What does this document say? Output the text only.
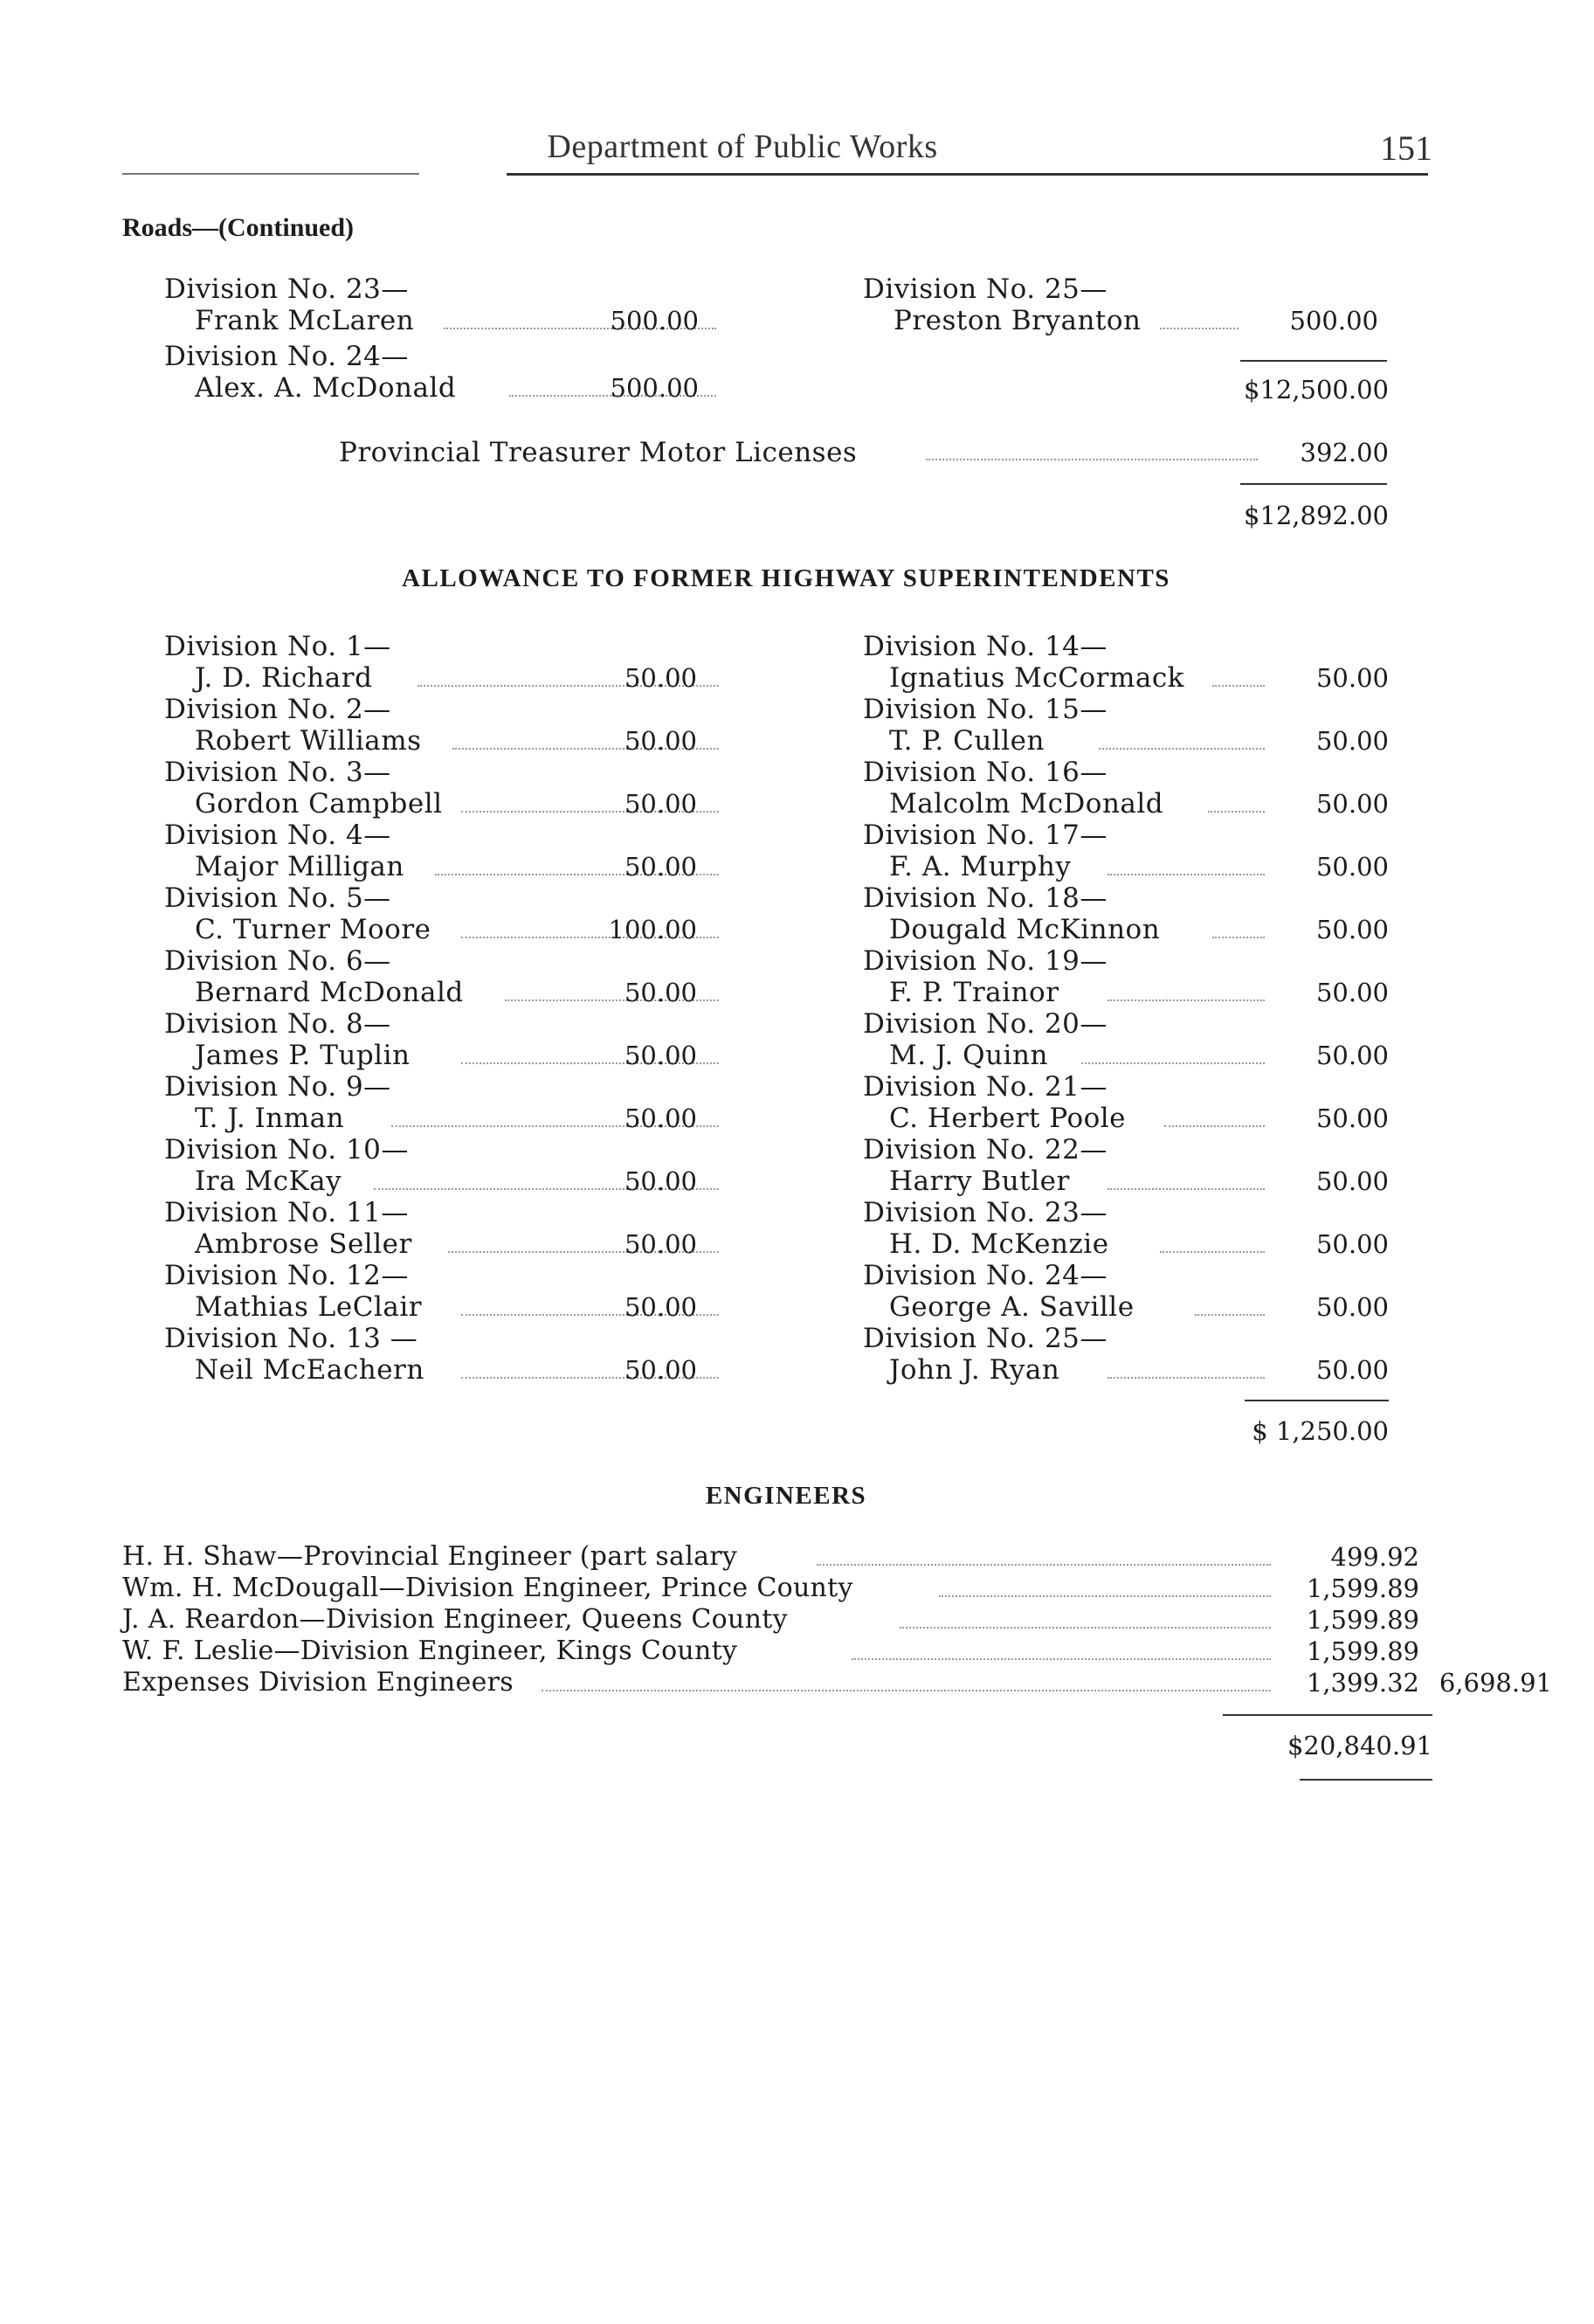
Department of Public Works	151
Roads—(Continued)
Division No. 23—
Frank McLaren	500.00
Division No. 24—
Alex. A. McDonald	500.00
Division No. 25—
Preston Bryanton	500.00
$12,500.00
Provincial Treasurer Motor Licenses	392.00
$12,892.00
ALLOWANCE TO FORMER HIGHWAY SUPERINTENDENTS
Division No. 1—
J. D. Richard	50.00
Division No. 2—
Robert Williams	50.00
Division No. 3—
Gordon Campbell	50.00
Division No. 4—
Major Milligan	50.00
Division No. 5—
C. Turner Moore	100.00
Division No. 6—
Bernard McDonald	50.00
Division No. 8—
James P. Tuplin	50.00
Division No. 9—
T. J. Inman	50.00
Division No. 10—
Ira McKay	50.00
Division No. 11—
Ambrose Seller	50.00
Division No. 12—
Mathias LeClair	50.00
Division No. 13 —
Neil McEachern	50.00
Division No. 14—
Ignatius McCormack	50.00
Division No. 15—
T. P. Cullen	50.00
Division No. 16—
Malcolm McDonald	50.00
Division No. 17—
F. A. Murphy	50.00
Division No. 18—
Dougald McKinnon	50.00
Division No. 19—
F. P. Trainor	50.00
Division No. 20—
M. J. Quinn	50.00
Division No. 21—
C. Herbert Poole	50.00
Division No. 22—
Harry Butler	50.00
Division No. 23—
H. D. McKenzie	50.00
Division No. 24—
George A. Saville	50.00
Division No. 25—
John J. Ryan	50.00
$ 1,250.00
ENGINEERS
H. H. Shaw—Provincial Engineer (part salary	499.92
Wm. H. McDougall—Division Engineer, Prince County	1,599.89
J. A. Reardon—Division Engineer, Queens County	1,599.89
W. F. Leslie—Division Engineer, Kings County	1,599.89
Expenses Division Engineers	1,399.32 6,698.91
$20,840.91
